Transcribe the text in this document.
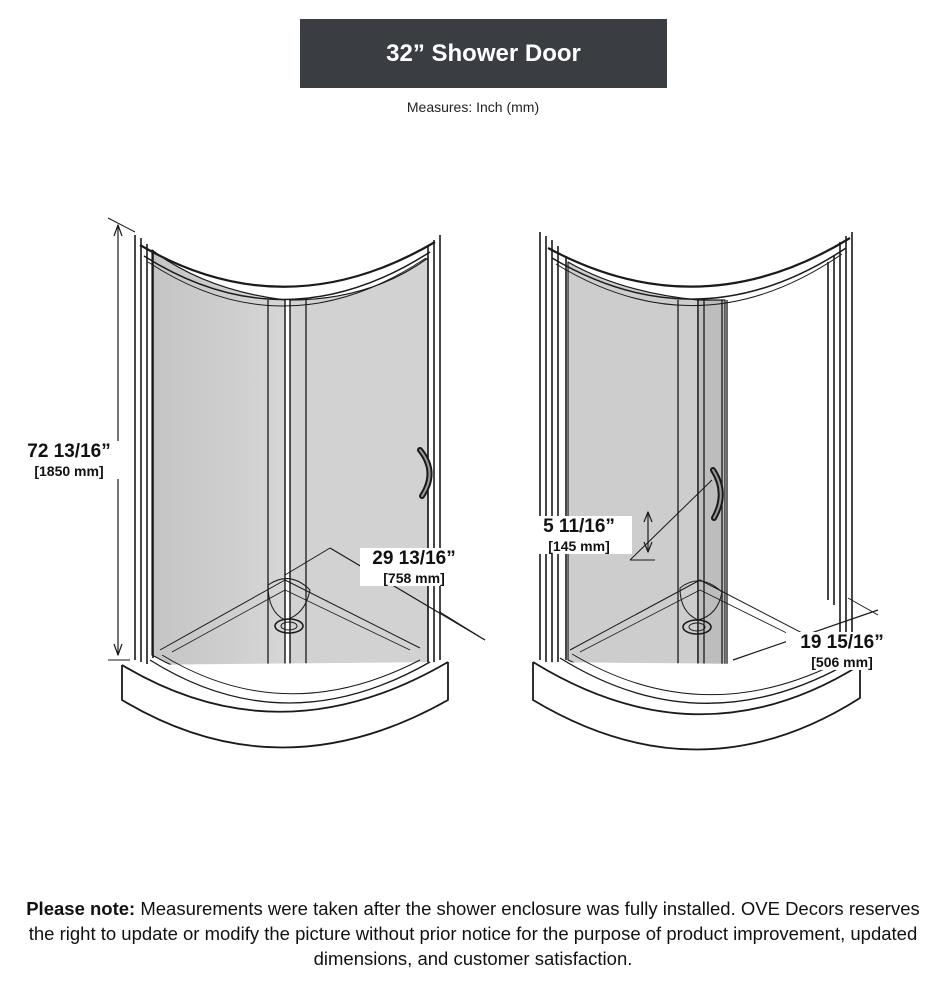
32” Shower Door
Measures: Inch (mm)
72 13/16”
[1850 mm]
29 13/16”
[758 mm]
5 11/16”
[145 mm]
19 15/16”
[506 mm]
Please note: Measurements were taken after the shower enclosure was fully installed. OVE Decors reserves the right to update or modify the picture without prior notice for the purpose of product improvement, updated dimensions, and customer satisfaction.
